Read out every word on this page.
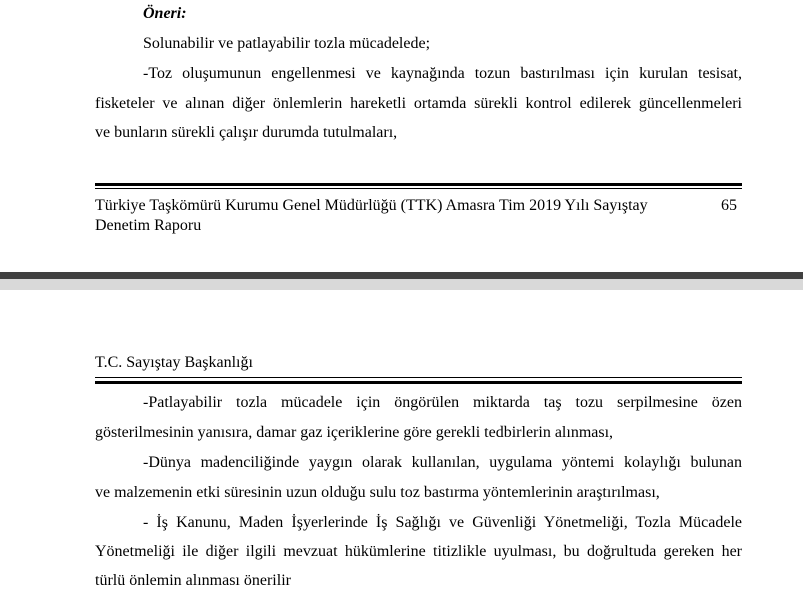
Öneri:
Solunabilir ve patlayabilir tozla mücadelede;
-Toz oluşumunun engellenmesi ve kaynağında tozun bastırılması için kurulan tesisat,
fisketeler ve alınan diğer önlemlerin hareketli ortamda sürekli kontrol edilerek güncellenmeleri
ve bunların sürekli çalışır durumda tutulmaları,
Türkiye Taşkömürü Kurumu Genel Müdürlüğü (TTK) Amasra Tim 2019 Yılı Sayıştay
Denetim Raporu
65
T.C. Sayıştay Başkanlığı
-Patlayabilir tozla mücadele için öngörülen miktarda taş tozu serpilmesine özen
gösterilmesinin yanısıra, damar gaz içeriklerine göre gerekli tedbirlerin alınması,
-Dünya madenciliğinde yaygın olarak kullanılan, uygulama yöntemi kolaylığı bulunan
ve malzemenin etki süresinin uzun olduğu sulu toz bastırma yöntemlerinin araştırılması,
- İş Kanunu, Maden İşyerlerinde İş Sağlığı ve Güvenliği Yönetmeliği, Tozla Mücadele
Yönetmeliği ile diğer ilgili mevzuat hükümlerine titizlikle uyulması, bu doğrultuda gereken her
türlü önlemin alınması önerilir
